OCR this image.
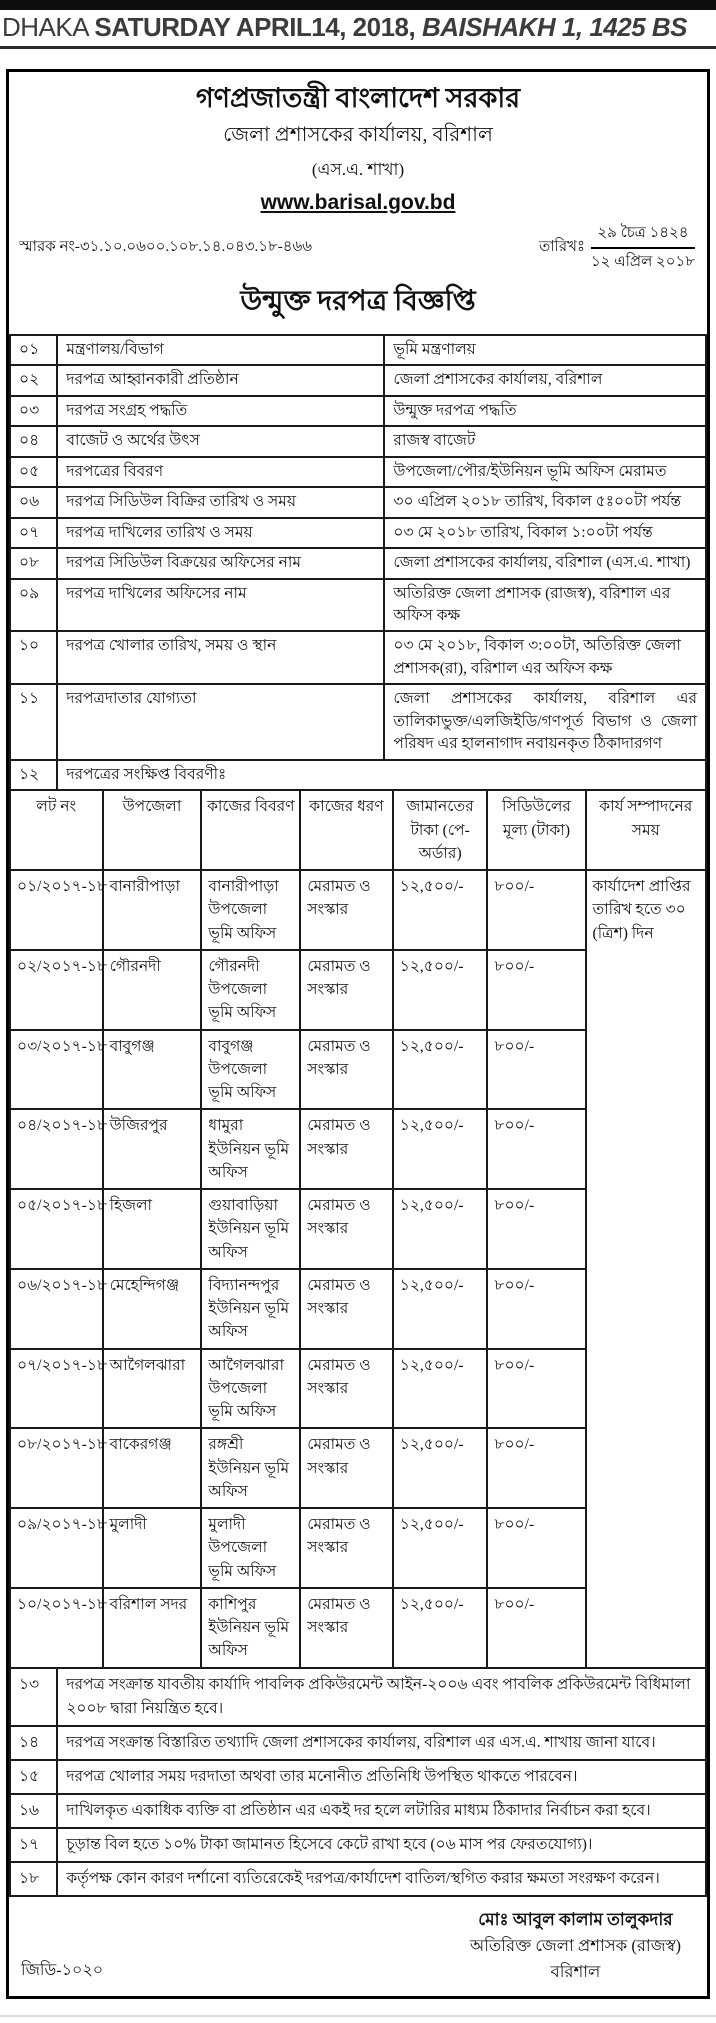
DHAKA SATURDAY APRIL14, 2018, BAISHAKH 1, 1425 BS
গণপ্রজাতন্ত্রী বাংলাদেশ সরকার
জেলা প্রশাসকের কার্যালয়, বরিশাল
(এস.এ. শাখা)
www.barisal.gov.bd
স্মারক নং-৩১.১০.০৬০০.১০৮.১৪.০৪৩.১৮-৪৬৬	তারিখঃ $\frac{\text{২৯ চৈত্র ১৪২৪}}{\text{১২ এপ্রিল ২০১৮}}$
উন্মুক্ত দরপত্র বিজ্ঞপ্তি
০১	মন্ত্রণালয়/বিভাগ	ভূমি মন্ত্রণালয়
০২	দরপত্র আহ্বানকারী প্রতিষ্ঠান	জেলা প্রশাসকের কার্যালয়, বরিশাল
০৩	দরপত্র সংগ্রহ পদ্ধতি	উন্মুক্ত দরপত্র পদ্ধতি
০৪	বাজেট ও অর্থের উৎস	রাজস্ব বাজেট
০৫	দরপত্রের বিবরণ	উপজেলা/পৌর/ইউনিয়ন ভূমি অফিস মেরামত
০৬	দরপত্র সিডিউল বিক্রির তারিখ ও সময়	৩০ এপ্রিল ২০১৮ তারিখ, বিকাল ৫ঃ০০টা পর্যন্ত
০৭	দরপত্র দাখিলের তারিখ ও সময়	০৩ মে ২০১৮ তারিখ, বিকাল ১:০০টা পর্যন্ত
০৮	দরপত্র সিডিউল বিক্রয়ের অফিসের নাম	জেলা প্রশাসকের কার্যালয়, বরিশাল (এস.এ. শাখা)
০৯	দরপত্র দাখিলের অফিসের নাম	অতিরিক্ত জেলা প্রশাসক (রাজস্ব), বরিশাল এর অফিস কক্ষ
১০	দরপত্র খোলার তারিখ, সময় ও স্থান	০৩ মে ২০১৮, বিকাল ৩:০০টা, অতিরিক্ত জেলা প্রশাসক(রা), বরিশাল এর অফিস কক্ষ
১১	দরপত্রদাতার যোগ্যতা	জেলা প্রশাসকের কার্যালয়, বরিশাল এর তালিকাভুক্ত/এলজিইডি/গণপূর্ত বিভাগ ও জেলা পরিষদ এর হালনাগাদ নবায়নকৃত ঠিকাদারগণ
১২	দরপত্রের সংক্ষিপ্ত বিবরণীঃ	
লট নং	উপজেলা	কাজের বিবরণ	কাজের ধরণ	জামানতের টাকা (পে-অর্ডার)	সিডিউলের মূল্য (টাকা)	কার্য সম্পাদনের সময়
০১/২০১৭-১৮	বানারীপাড়া	বানারীপাড়া উপজেলা ভূমি অফিস	মেরামত ও সংস্কার	১২,৫০০/-	৮০০/-	কার্যাদেশ প্রাপ্তির তারিখ হতে ৩০ (ত্রিশ) দিন
০২/২০১৭-১৮	গৌরনদী	গৌরনদী উপজেলা ভূমি অফিস	মেরামত ও সংস্কার	১২,৫০০/-	৮০০/-	
০৩/২০১৭-১৮	বাবুগঞ্জ	বাবুগঞ্জ উপজেলা ভূমি অফিস	মেরামত ও সংস্কার	১২,৫০০/-	৮০০/-	
০৪/২০১৭-১৮	উজিরপুর	ধামুরা ইউনিয়ন ভূমি অফিস	মেরামত ও সংস্কার	১২,৫০০/-	৮০০/-	
০৫/২০১৭-১৮	হিজলা	গুয়াবাড়িয়া ইউনিয়ন ভূমি অফিস	মেরামত ও সংস্কার	১২,৫০০/-	৮০০/-	
০৬/২০১৭-১৮	মেহেন্দিগঞ্জ	বিদ্যানন্দপুর ইউনিয়ন ভূমি অফিস	মেরামত ও সংস্কার	১২,৫০০/-	৮০০/-	
০৭/২০১৭-১৮	আগৈলঝারা	আগৈলঝারা উপজেলা ভূমি অফিস	মেরামত ও সংস্কার	১২,৫০০/-	৮০০/-	
০৮/২০১৭-১৮	বাকেরগঞ্জ	রঙ্গশ্রী ইউনিয়ন ভূমি অফিস	মেরামত ও সংস্কার	১২,৫০০/-	৮০০/-	
০৯/২০১৭-১৮	মুলাদী	মুলাদী উপজেলা ভূমি অফিস	মেরামত ও সংস্কার	১২,৫০০/-	৮০০/-	
১০/২০১৭-১৮	বরিশাল সদর	কাশিপুর ইউনিয়ন ভূমি অফিস	মেরামত ও সংস্কার	১২,৫০০/-	৮০০/-	
১৩	দরপত্র সংক্রান্ত যাবতীয় কার্যাদি পাবলিক প্রকিউরমেন্ট আইন-২০০৬ এবং পাবলিক প্রকিউরমেন্ট বিধিমালা ২০০৮ দ্বারা নিয়ন্ত্রিত হবে।
১৪	দরপত্র সংক্রান্ত বিস্তারিত তথ্যাদি জেলা প্রশাসকের কার্যালয়, বরিশাল এর এস.এ. শাখায় জানা যাবে।
১৫	দরপত্র খোলার সময় দরদাতা অথবা তার মনোনীত প্রতিনিধি উপস্থিত থাকতে পারবেন।
১৬	দাখিলকৃত একাধিক ব্যক্তি বা প্রতিষ্ঠান এর একই দর হলে লটারির মাধ্যম ঠিকাদার নির্বাচন করা হবে।
১৭	চূড়ান্ত বিল হতে ১০% টাকা জামানত হিসেবে কেটে রাখা হবে (০৬ মাস পর ফেরতযোগ্য)।
১৮	কর্তৃপক্ষ কোন কারণ দর্শানো ব্যতিরেকেই দরপত্র/কার্যাদেশ বাতিল/স্থগিত করার ক্ষমতা সংরক্ষণ করেন।
জিডি-১০২০
মোঃ আবুল কালাম তালুকদার
অতিরিক্ত জেলা প্রশাসক (রাজস্ব)
বরিশাল
